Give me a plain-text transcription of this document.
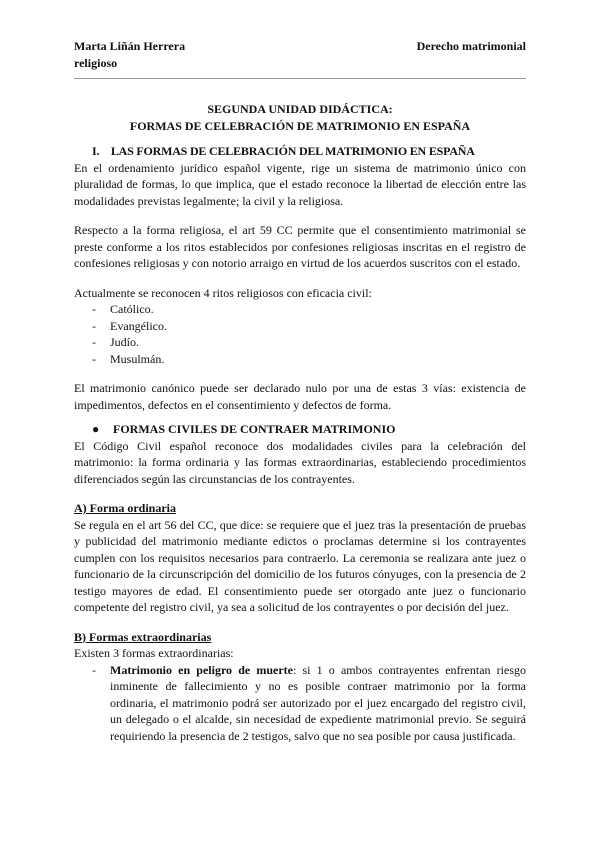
Marta Liñán Herrera	Derecho matrimonial
religioso
SEGUNDA UNIDAD DIDÁCTICA:
FORMAS DE CELEBRACIÓN DE MATRIMONIO EN ESPAÑA
I. LAS FORMAS DE CELEBRACIÓN DEL MATRIMONIO EN ESPAÑA

En el ordenamiento jurídico español vigente, rige un sistema de matrimonio único con pluralidad de formas, lo que implica, que el estado reconoce la libertad de elección entre las modalidades previstas legalmente; la civil y la religiosa.

Respecto a la forma religiosa, el art 59 CC permite que el consentimiento matrimonial se preste conforme a los ritos establecidos por confesiones religiosas inscritas en el registro de confesiones religiosas y con notorio arraigo en virtud de los acuerdos suscritos con el estado.

Actualmente se reconocen 4 ritos religiosos con eficacia civil:

- Católico.
- Evangélico.
- Judío.
- Musulmán.

El matrimonio canónico puede ser declarado nulo por una de estas 3 vías: existencia de impedimentos, defectos en el consentimiento y defectos de forma.

● FORMAS CIVILES DE CONTRAER MATRIMONIO

El Código Civil español reconoce dos modalidades civiles para la celebración del matrimonio: la forma ordinaria y las formas extraordinarias, estableciendo procedimientos diferenciados según las circunstancias de los contrayentes.

A) Forma ordinaria

Se regula en el art 56 del CC, que dice: se requiere que el juez tras la presentación de pruebas y publicidad del matrimonio mediante edictos o proclamas determine si los contrayentes cumplen con los requisitos necesarios para contraerlo. La ceremonia se realizara ante juez o funcionario de la circunscripción del domicilio de los futuros cónyuges, con la presencia de 2 testigo mayores de edad. El consentimiento puede ser otorgado ante juez o funcionario competente del registro civil, ya sea a solicitud de los contrayentes o por decisión del juez.

B) Formas extraordinarias

Existen 3 formas extraordinarias:

- Matrimonio en peligro de muerte: si 1 o ambos contrayentes enfrentan riesgo inminente de fallecimiento y no es posible contraer matrimonio por la forma ordinaria, el matrimonio podrá ser autorizado por el juez encargado del registro civil, un delegado o el alcalde, sin necesidad de expediente matrimonial previo. Se seguirá requiriendo la presencia de 2 testigos, salvo que no sea posible por causa justificada.
